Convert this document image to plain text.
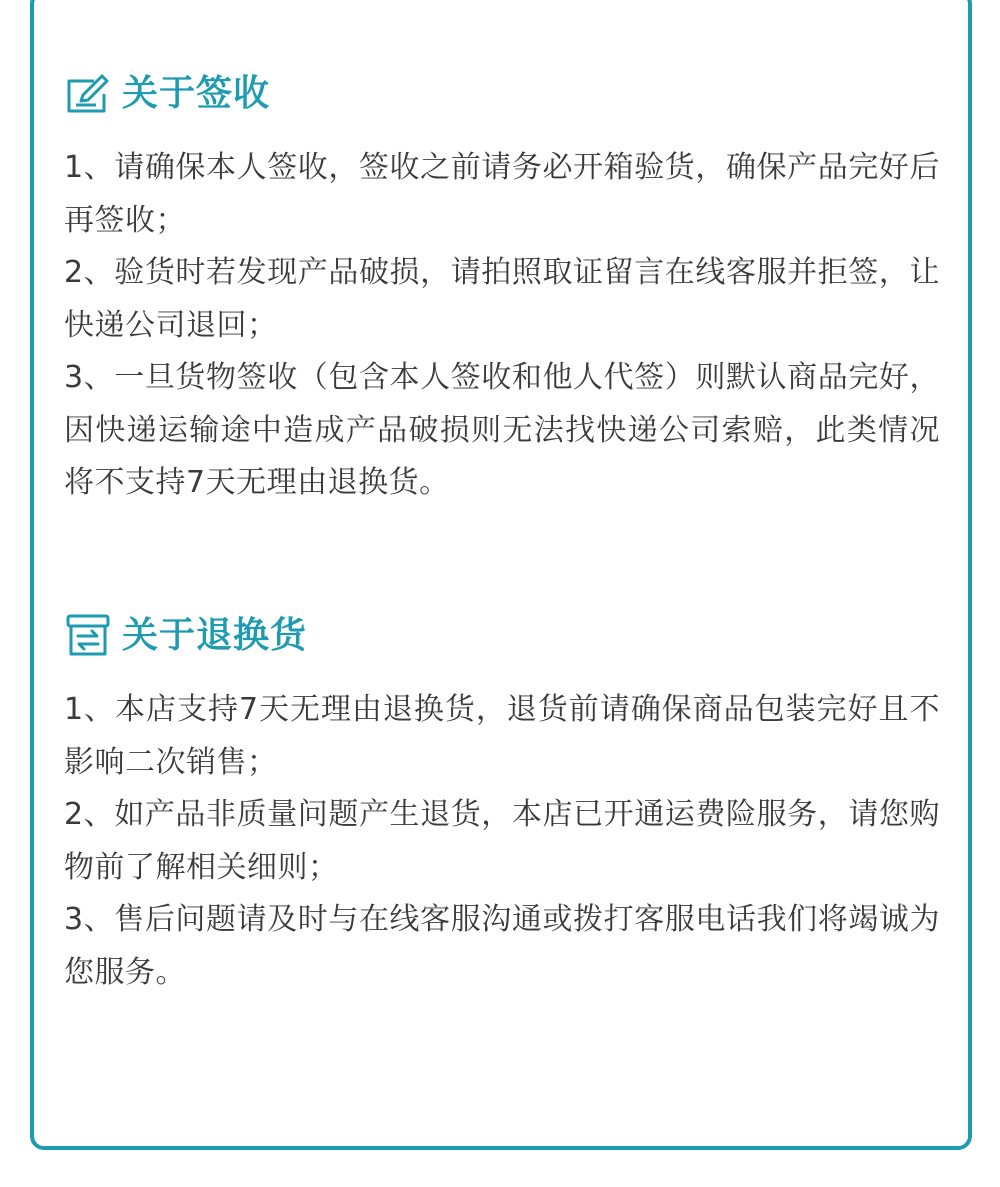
关于签收
1、请确保本人签收，签收之前请务必开箱验货，确保产品完好后再签收；
2、验货时若发现产品破损，请拍照取证留言在线客服并拒签，让快递公司退回；
3、一旦货物签收（包含本人签收和他人代签）则默认商品完好，因快递运输途中造成产品破损则无法找快递公司索赔，此类情况将不支持7天无理由退换货。
关于退换货
1、本店支持7天无理由退换货，退货前请确保商品包装完好且不影响二次销售；
2、如产品非质量问题产生退货，本店已开通运费险服务，请您购物前了解相关细则；
3、售后问题请及时与在线客服沟通或拨打客服电话我们将竭诚为您服务。
